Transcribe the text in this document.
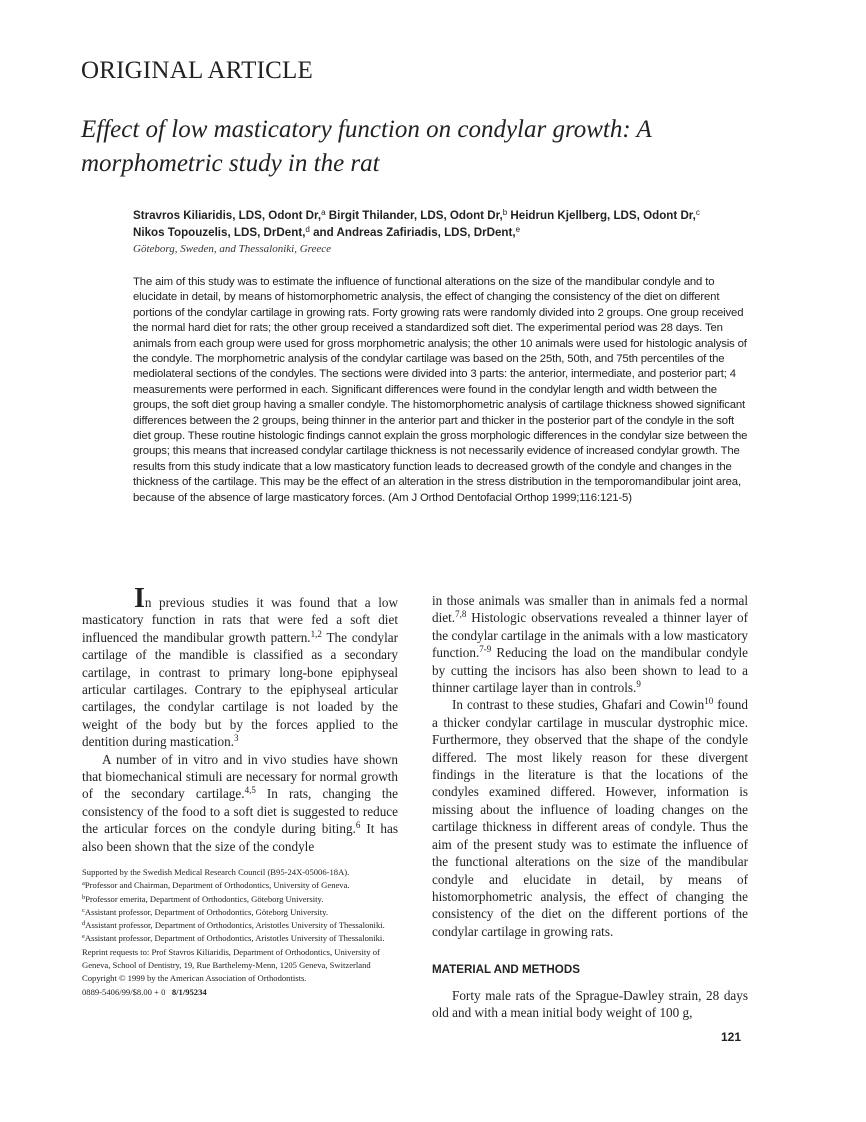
ORIGINAL ARTICLE
Effect of low masticatory function on condylar growth: A morphometric study in the rat
Stravros Kiliaridis, LDS, Odont Dr,$^a$ Birgit Thilander, LDS, Odont Dr,$^b$ Heidrun Kjellberg, LDS, Odont Dr,$^c$
Nikos Topouzelis, LDS, DrDent,$^d$ and Andreas Zafiriadis, LDS, DrDent,$^e$
Göteborg, Sweden, and Thessaloniki, Greece
The aim of this study was to estimate the influence of functional alterations on the size of the mandibular condyle and to elucidate in detail, by means of histomorphometric analysis, the effect of changing the consistency of the diet on different portions of the condylar cartilage in growing rats. Forty growing rats were randomly divided into 2 groups. One group received the normal hard diet for rats; the other group received a standardized soft diet. The experimental period was 28 days. Ten animals from each group were used for gross morphometric analysis; the other 10 animals were used for histologic analysis of the condyle. The morphometric analysis of the condylar cartilage was based on the 25th, 50th, and 75th percentiles of the mediolateral sections of the condyles. The sections were divided into 3 parts: the anterior, intermediate, and posterior part; 4 measurements were performed in each. Significant differences were found in the condylar length and width between the groups, the soft diet group having a smaller condyle. The histomorphometric analysis of cartilage thickness showed significant differences between the 2 groups, being thinner in the anterior part and thicker in the posterior part of the condyle in the soft diet group. These routine histologic findings cannot explain the gross morphologic differences in the condylar size between the groups; this means that increased condylar cartilage thickness is not necessarily evidence of increased condylar growth. The results from this study indicate that a low masticatory function leads to decreased growth of the condyle and changes in the thickness of the cartilage. This may be the effect of an alteration in the stress distribution in the temporomandibular joint area, because of the absence of large masticatory forces. (Am J Orthod Dentofacial Orthop 1999;116:121-5)

In previous studies it was found that a low masticatory function in rats that were fed a soft diet influenced the mandibular growth pattern.$^{1,2}$ The condylar cartilage of the mandible is classified as a secondary cartilage, in contrast to primary long-bone epiphyseal articular cartilages. Contrary to the epiphyseal articular cartilages, the condylar cartilage is not loaded by the weight of the body but by the forces applied to the dentition during mastication.$^3$

A number of in vitro and in vivo studies have shown that biomechanical stimuli are necessary for normal growth of the secondary cartilage.$^{4,5}$ In rats, changing the consistency of the food to a soft diet is suggested to reduce the articular forces on the condyle during biting.$^6$ It has also been shown that the size of the condyle

Supported by the Swedish Medical Research Council (B95-24X-05006-18A).
$^a$Professor and Chairman, Department of Orthodontics, University of Geneva.
$^b$Professor emerita, Department of Orthodontics, Göteborg University.
$^c$Assistant professor, Department of Orthodontics, Göteborg University.
$^d$Assistant professor, Department of Orthodontics, Aristotles University of Thessaloniki.
$^e$Assistant professor, Department of Orthodontics, Aristotles University of Thessaloniki.
Reprint requests to: Prof Stavros Kiliaridis, Department of Orthodontics, University of Geneva, School of Dentistry, 19, Rue Barthelemy-Menn, 1205 Geneva, Switzerland
Copyright © 1999 by the American Association of Orthodontists.
0889-5406/99/$8.00 + 0 8/1/95234

in those animals was smaller than in animals fed a normal diet.$^{7,8}$ Histologic observations revealed a thinner layer of the condylar cartilage in the animals with a low masticatory function.$^{7-9}$ Reducing the load on the mandibular condyle by cutting the incisors has also been shown to lead to a thinner cartilage layer than in controls.$^9$

In contrast to these studies, Ghafari and Cowin$^{10}$ found a thicker condylar cartilage in muscular dystrophic mice. Furthermore, they observed that the shape of the condyle differed. The most likely reason for these divergent findings in the literature is that the locations of the condyles examined differed. However, information is missing about the influence of loading changes on the cartilage thickness in different areas of condyle. Thus the aim of the present study was to estimate the influence of the functional alterations on the size of the mandibular condyle and elucidate in detail, by means of histomorphometric analysis, the effect of changing the consistency of the diet on the different portions of the condylar cartilage in growing rats.

MATERIAL AND METHODS

Forty male rats of the Sprague-Dawley strain, 28 days old and with a mean initial body weight of 100 g,

121
